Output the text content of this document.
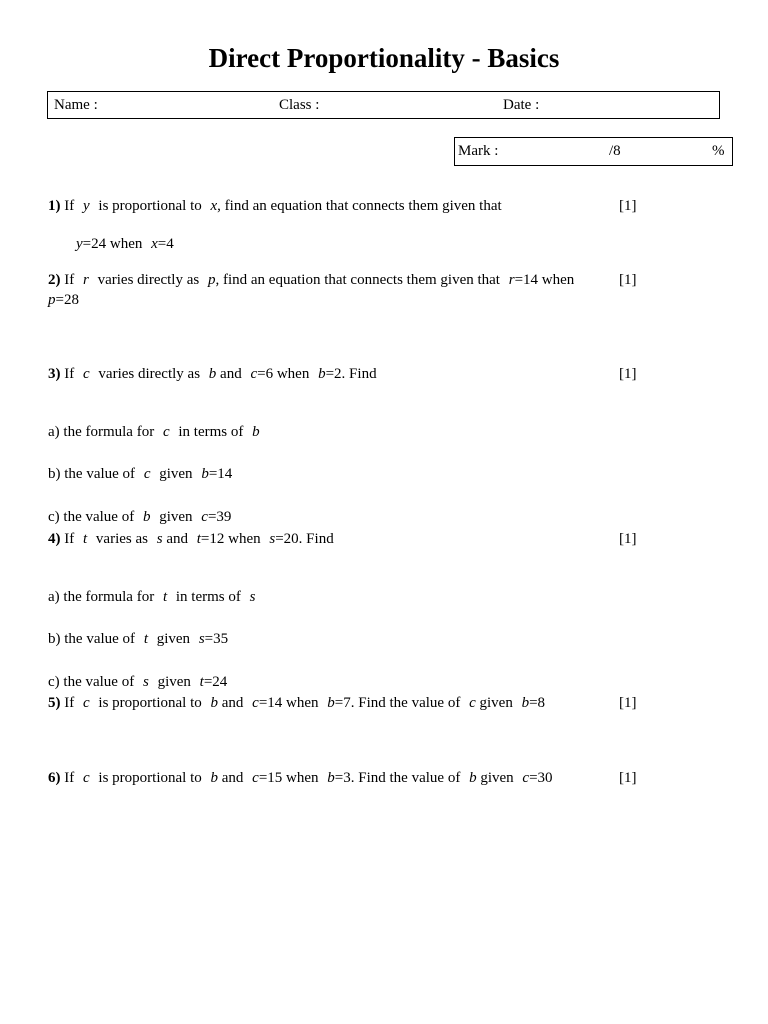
Direct Proportionality - Basics
Name :	Class :	Date :
Mark :	/8	%
1) If y is proportional to x, find an equation that connects them given that	[1]
y=24 when x=4
2) If r varies directly as p, find an equation that connects them given that r=14 when	[1]
p=28
3) If c varies directly as b and c=6 when b=2. Find	[1]
a) the formula for c in terms of b
b) the value of c given b=14
c) the value of b given c=39
4) If t varies as s and t=12 when s=20. Find	[1]
a) the formula for t in terms of s
b) the value of t given s=35
c) the value of s given t=24
5) If c is proportional to b and c=14 when b=7. Find the value of c given b=8	[1]
6) If c is proportional to b and c=15 when b=3. Find the value of b given c=30	[1]
